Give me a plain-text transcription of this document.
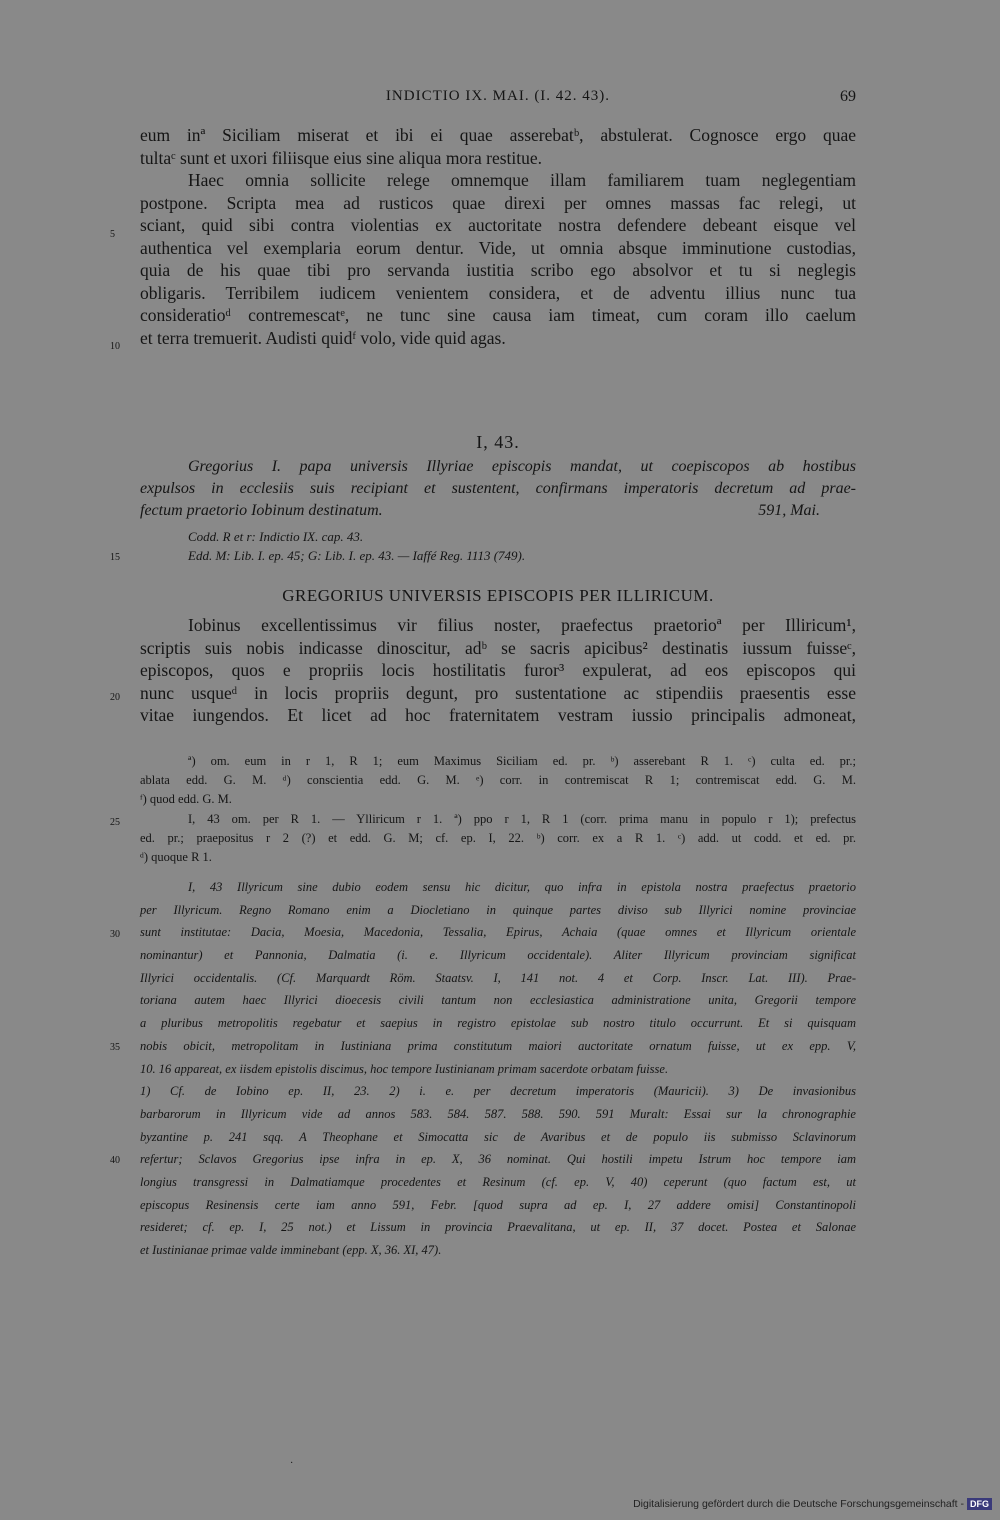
INDICTIO IX. MAI. (I. 42. 43).	69
eum inª Siciliam miserat et ibi ei quae asserebatᵇ, abstulerat. Cognosce ergo quae
tultaᶜ sunt et uxori filiisque eius sine aliqua mora restitue.
Haec omnia sollicite relege omnemque illam familiarem tuam neglegentiam
postpone. Scripta mea ad rusticos quae direxi per omnes massas fac relegi, ut
sciant, quid sibi contra violentias ex auctoritate nostra defendere debeant eisque vel
authentica vel exemplaria eorum dentur. Vide, ut omnia absque imminutione custodias,
quia de his quae tibi pro servanda iustitia scribo ego absolvor et tu si neglegis
obligaris. Terribilem iudicem venientem considera, et de adventu illius nunc tua
consideratioᵈ contremescatᵉ, ne tunc sine causa iam timeat, cum coram illo caelum
et terra tremuerit. Audisti quidᶠ volo, vide quid agas.
I, 43.
Gregorius I. papa universis Illyriae episcopis mandat, ut coepiscopos ab hostibus
expulsos in ecclesiis suis recipiant et sustentent, confirmans imperatoris decretum ad prae-
fectum praetorio Iobinum destinatum.	591, Mai.
Codd. R et r: Indictio IX. cap. 43.
Edd. M: Lib. I. ep. 45; G: Lib. I. ep. 43. — Iaffé Reg. 1113 (749).
GREGORIUS UNIVERSIS EPISCOPIS PER ILLIRICUM.
Iobinus excellentissimus vir filius noster, praefectus praetorioª per Illiricum¹,
scriptis suis nobis indicasse dinoscitur, adᵇ se sacris apicibus² destinatis iussum fuisseᶜ,
episcopos, quos e propriis locis hostilitatis furor³ expulerat, ad eos episcopos qui
nunc usqueᵈ in locis propriis degunt, pro sustentatione ac stipendiis praesentis esse
vitae iungendos. Et licet ad hoc fraternitatem vestram iussio principalis admoneat,
ª) om. eum in r 1, R 1; eum Maximus Siciliam ed. pr. ᵇ) asserebant R 1. ᶜ) culta ed. pr.;
ablata edd. G. M. ᵈ) conscientia edd. G. M. ᵉ) corr. in contremiscat R 1; contremiscat edd. G. M.
ᶠ) quod edd. G. M.
I, 43 om. per R 1. — Ylliricum r 1. ª) ppo r 1, R 1 (corr. prima manu in populo r 1); prefectus
ed. pr.; praepositus r 2 (?) et edd. G. M; cf. ep. I, 22. ᵇ) corr. ex a R 1. ᶜ) add. ut codd. et ed. pr.
ᵈ) quoque R 1.
I, 43 Illyricum sine dubio eodem sensu hic dicitur, quo infra in epistola nostra praefectus praetorio
per Illyricum. Regno Romano enim a Diocletiano in quinque partes diviso sub Illyrici nomine provinciae
sunt institutae: Dacia, Moesia, Macedonia, Tessalia, Epirus, Achaia (quae omnes et Illyricum orientale
nominantur) et Pannonia, Dalmatia (i. e. Illyricum occidentale). Aliter Illyricum provinciam significat
Illyrici occidentalis. (Cf. Marquardt Röm. Staatsv. I, 141 not. 4 et Corp. Inscr. Lat. III). Prae-
toriana autem haec Illyrici dioecesis civili tantum non ecclesiastica administratione unita, Gregorii tempore
a pluribus metropolitis regebatur et saepius in registro epistolae sub nostro titulo occurrunt. Et si quisquam
nobis obicit, metropolitam in Iustiniana prima constitutum maiori auctoritate ornatum fuisse, ut ex epp. V,
10. 16 appareat, ex iisdem epistolis discimus, hoc tempore Iustinianam primam sacerdote orbatam fuisse.
1) Cf. de Iobino ep. II, 23. 2) i. e. per decretum imperatoris (Mauricii). 3) De invasionibus
barbarorum in Illyricum vide ad annos 583. 584. 587. 588. 590. 591 Muralt: Essai sur la chronographie
byzantine p. 241 sqq. A Theophane et Simocatta sic de Avaribus et de populo iis submisso Sclavinorum
refertur; Sclavos Gregorius ipse infra in ep. X, 36 nominat. Qui hostili impetu Istrum hoc tempore iam
longius transgressi in Dalmatiamque procedentes et Resinum (cf. ep. V, 40) ceperunt (quo factum est, ut
episcopus Resinensis certe iam anno 591, Febr. [quod supra ad ep. I, 27 addere omisi] Constantinopoli
resideret; cf. ep. I, 25 not.) et Lissum in provincia Praevalitana, ut ep. II, 37 docet. Postea et Salonae
et Iustinianae primae valde imminebant (epp. X, 36. XI, 47).
5
10
15
20
25
30
35
40
·
Digitalisierung gefördert durch die Deutsche Forschungsgemeinschaft - DFG
